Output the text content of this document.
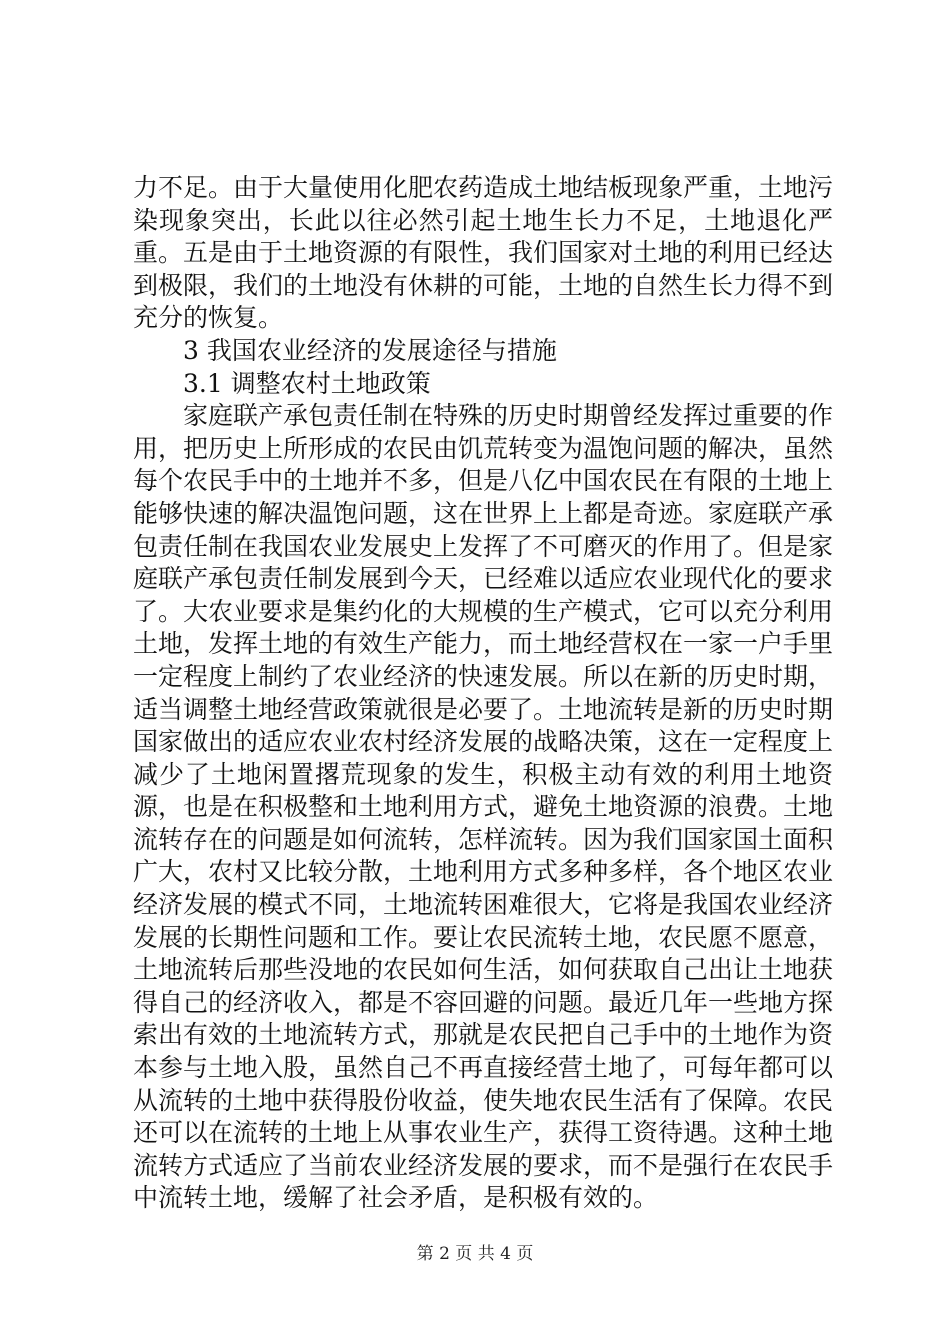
力不足。由于大量使用化肥农药造成土地结板现象严重，土地污染现象突出，长此以往必然引起土地生长力不足，土地退化严重。五是由于土地资源的有限性，我们国家对土地的利用已经达到极限，我们的土地没有休耕的可能，土地的自然生长力得不到充分的恢复。

3 我国农业经济的发展途径与措施

3.1 调整农村土地政策

家庭联产承包责任制在特殊的历史时期曾经发挥过重要的作用，把历史上所形成的农民由饥荒转变为温饱问题的解决，虽然每个农民手中的土地并不多，但是八亿中国农民在有限的土地上能够快速的解决温饱问题，这在世界上上都是奇迹。家庭联产承包责任制在我国农业发展史上发挥了不可磨灭的作用了。但是家庭联产承包责任制发展到今天，已经难以适应农业现代化的要求了。大农业要求是集约化的大规模的生产模式，它可以充分利用土地，发挥土地的有效生产能力，而土地经营权在一家一户手里一定程度上制约了农业经济的快速发展。所以在新的历史时期，适当调整土地经营政策就很是必要了。土地流转是新的历史时期国家做出的适应农业农村经济发展的战略决策，这在一定程度上减少了土地闲置撂荒现象的发生，积极主动有效的利用土地资源，也是在积极整和土地利用方式，避免土地资源的浪费。土地流转存在的问题是如何流转，怎样流转。因为我们国家国土面积广大，农村又比较分散，土地利用方式多种多样，各个地区农业经济发展的模式不同，土地流转困难很大，它将是我国农业经济发展的长期性问题和工作。要让农民流转土地，农民愿不愿意，土地流转后那些没地的农民如何生活，如何获取自己出让土地获得自己的经济收入，都是不容回避的问题。最近几年一些地方探索出有效的土地流转方式，那就是农民把自己手中的土地作为资本参与土地入股，虽然自己不再直接经营土地了，可每年都可以从流转的土地中获得股份收益，使失地农民生活有了保障。农民还可以在流转的土地上从事农业生产，获得工资待遇。这种土地流转方式适应了当前农业经济发展的要求，而不是强行在农民手中流转土地，缓解了社会矛盾，是积极有效的。

第 2 页 共 4 页
